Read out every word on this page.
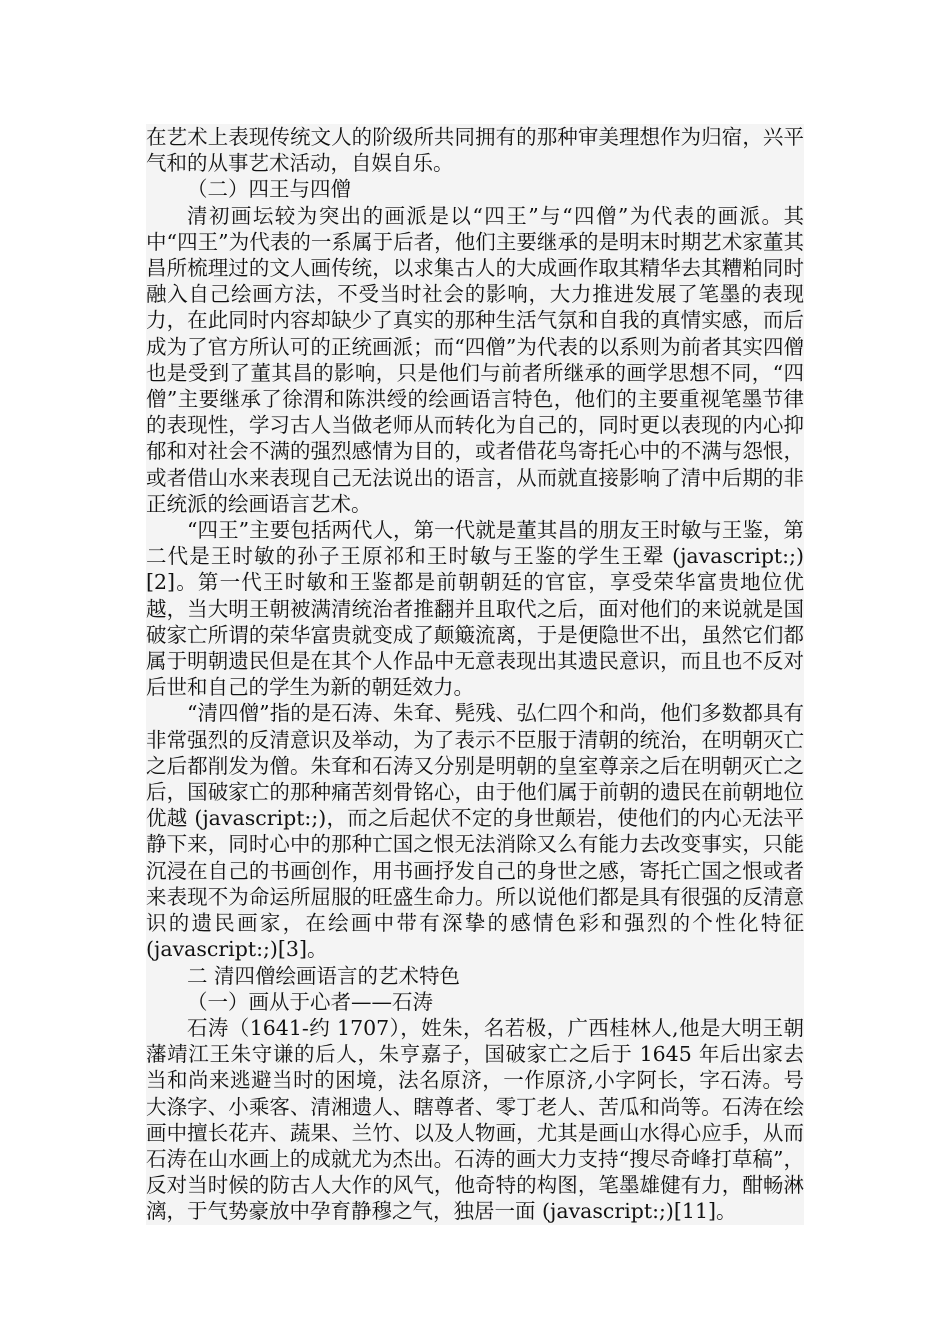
在艺术上表现传统文人的阶级所共同拥有的那种审美理想作为归宿，兴平气和的从事艺术活动，自娱自乐。

（二）四王与四僧

清初画坛较为突出的画派是以“四王”与“四僧”为代表的画派。其中“四王”为代表的一系属于后者，他们主要继承的是明末时期艺术家董其昌所梳理过的文人画传统，以求集古人的大成画作取其精华去其糟粕同时融入自己绘画方法，不受当时社会的影响，大力推进发展了笔墨的表现力，在此同时内容却缺少了真实的那种生活气氛和自我的真情实感，而后成为了官方所认可的正统画派；而“四僧”为代表的以系则为前者其实四僧也是受到了董其昌的影响，只是他们与前者所继承的画学思想不同，“四僧”主要继承了徐渭和陈洪绶的绘画语言特色，他们的主要重视笔墨节律的表现性，学习古人当做老师从而转化为自己的，同时更以表现的内心抑郁和对社会不满的强烈感情为目的，或者借花鸟寄托心中的不满与怨恨，或者借山水来表现自己无法说出的语言，从而就直接影响了清中后期的非正统派的绘画语言艺术。

“四王”主要包括两代人，第一代就是董其昌的朋友王时敏与王鉴，第二代是王时敏的孙子王原祁和王时敏与王鉴的学生王翚 (javascript:;)[2]。第一代王时敏和王鉴都是前朝朝廷的官宦，享受荣华富贵地位优越，当大明王朝被满清统治者推翻并且取代之后，面对他们的来说就是国破家亡所谓的荣华富贵就变成了颠簸流离，于是便隐世不出，虽然它们都属于明朝遗民但是在其个人作品中无意表现出其遗民意识，而且也不反对后世和自己的学生为新的朝廷效力。

“清四僧”指的是石涛、朱耷、髡残、弘仁四个和尚，他们多数都具有非常强烈的反清意识及举动，为了表示不臣服于清朝的统治，在明朝灭亡之后都削发为僧。朱耷和石涛又分别是明朝的皇室尊亲之后在明朝灭亡之后，国破家亡的那种痛苦刻骨铭心，由于他们属于前朝的遗民在前朝地位优越 (javascript:;)，而之后起伏不定的身世颠岩，使他们的内心无法平静下来，同时心中的那种亡国之恨无法消除又么有能力去改变事实，只能沉浸在自己的书画创作，用书画抒发自己的身世之感，寄托亡国之恨或者来表现不为命运所屈服的旺盛生命力。所以说他们都是具有很强的反清意识的遗民画家，在绘画中带有深挚的感情色彩和强烈的个性化特征 (javascript:;)[3]。

二 清四僧绘画语言的艺术特色
（一）画从于心者——石涛

石涛（1641-约 1707），姓朱，名若极，广西桂林人,他是大明王朝藩靖江王朱守谦的后人，朱亨嘉子，国破家亡之后于 1645 年后出家去当和尚来逃避当时的困境，法名原济，一作原济,小字阿长，字石涛。号大涤字、小乘客、清湘遗人、瞎尊者、零丁老人、苦瓜和尚等。石涛在绘画中擅长花卉、蔬果、兰竹、以及人物画，尤其是画山水得心应手，从而石涛在山水画上的成就尤为杰出。石涛的画大力支持“搜尽奇峰打草稿”，反对当时候的防古人大作的风气，他奇特的构图，笔墨雄健有力，酣畅淋漓，于气势豪放中孕育静穆之气，独居一面 (javascript:;)[11]。
